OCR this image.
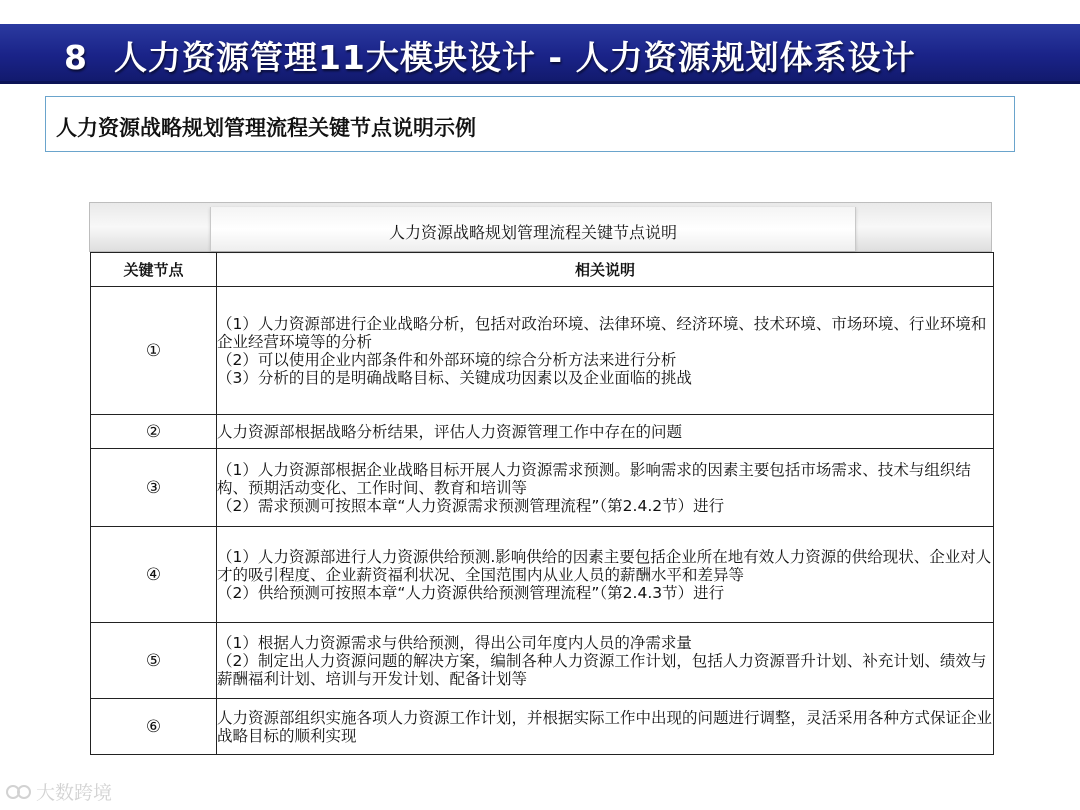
8 人力资源管理11大模块设计 - 人力资源规划体系设计
人力资源战略规划管理流程关键节点说明示例
人力资源战略规划管理流程关键节点说明
关键节点	相关说明
①	（1）人力资源部进行企业战略分析，包括对政治环境、法律环境、经济环境、技术环境、市场环境、行业环境和企业经营环境等的分析
（2）可以使用企业内部条件和外部环境的综合分析方法来进行分析
（3）分析的目的是明确战略目标、关键成功因素以及企业面临的挑战

②	人力资源部根据战略分析结果，评估人力资源管理工作中存在的问题

③	（1）人力资源部根据企业战略目标开展人力资源需求预测。影响需求的因素主要包括市场需求、技术与组织结构、预期活动变化、工作时间、教育和培训等
（2）需求预测可按照本章“人力资源需求预测管理流程”（第2.4.2节）进行

④	（1）人力资源部进行人力资源供给预测.影响供给的因素主要包括企业所在地有效人力资源的供给现状、企业对人才的吸引程度、企业薪资福利状况、全国范围内从业人员的薪酬水平和差异等
（2）供给预测可按照本章“人力资源供给预测管理流程”（第2.4.3节）进行

⑤	（1）根据人力资源需求与供给预测，得出公司年度内人员的净需求量
（2）制定出人力资源问题的解决方案，编制各种人力资源工作计划，包括人力资源晋升计划、补充计划、绩效与薪酬福利计划、培训与开发计划、配备计划等

⑥	人力资源部组织实施各项人力资源工作计划，并根据实际工作中出现的问题进行调整，灵活采用各种方式保证企业战略目标的顺利实现
大数跨境
